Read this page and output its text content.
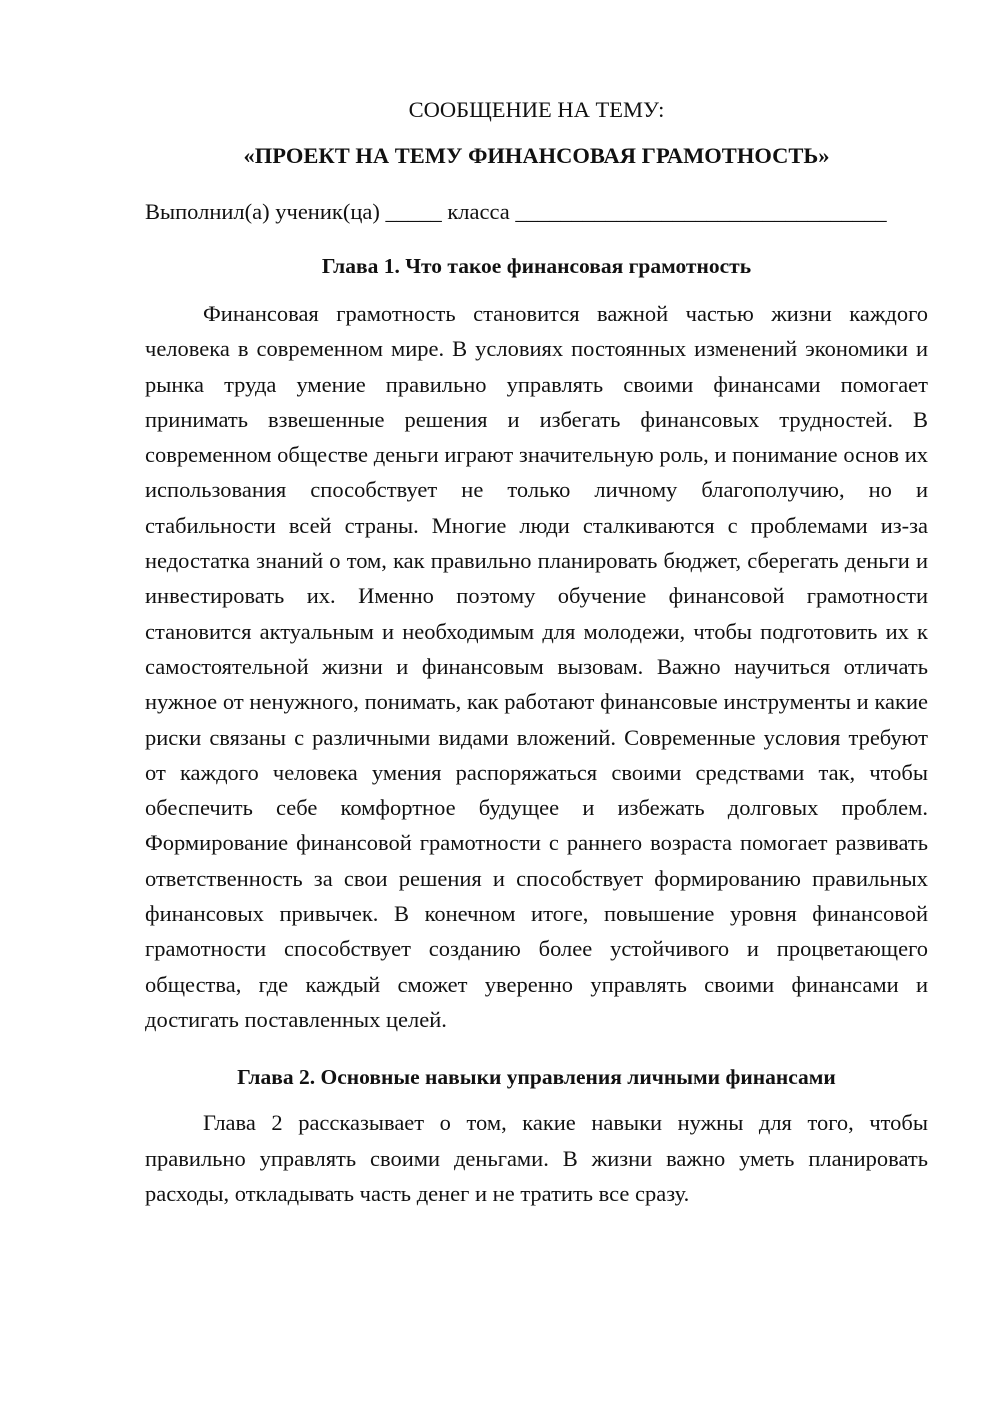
СООБЩЕНИЕ НА ТЕМУ:

«ПРОЕКТ НА ТЕМУ ФИНАНСОВАЯ ГРАМОТНОСТЬ»

Выполнил(а) ученик(ца) _____ класса _________________________________

Глава 1. Что такое финансовая грамотность

Финансовая грамотность становится важной частью жизни каждого человека в современном мире. В условиях постоянных изменений экономики и рынка труда умение правильно управлять своими финансами помогает принимать взвешенные решения и избегать финансовых трудностей. В современном обществе деньги играют значительную роль, и понимание основ их использования способствует не только личному благополучию, но и стабильности всей страны. Многие люди сталкиваются с проблемами из-за недостатка знаний о том, как правильно планировать бюджет, сберегать деньги и инвестировать их. Именно поэтому обучение финансовой грамотности становится актуальным и необходимым для молодежи, чтобы подготовить их к самостоятельной жизни и финансовым вызовам. Важно научиться отличать нужное от ненужного, понимать, как работают финансовые инструменты и какие риски связаны с различными видами вложений. Современные условия требуют от каждого человека умения распоряжаться своими средствами так, чтобы обеспечить себе комфортное будущее и избежать долговых проблем. Формирование финансовой грамотности с раннего возраста помогает развивать ответственность за свои решения и способствует формированию правильных финансовых привычек. В конечном итоге, повышение уровня финансовой грамотности способствует созданию более устойчивого и процветающего общества, где каждый сможет уверенно управлять своими финансами и достигать поставленных целей.

Глава 2. Основные навыки управления личными финансами

Глава 2 рассказывает о том, какие навыки нужны для того, чтобы правильно управлять своими деньгами. В жизни важно уметь планировать расходы, откладывать часть денег и не тратить все сразу.
